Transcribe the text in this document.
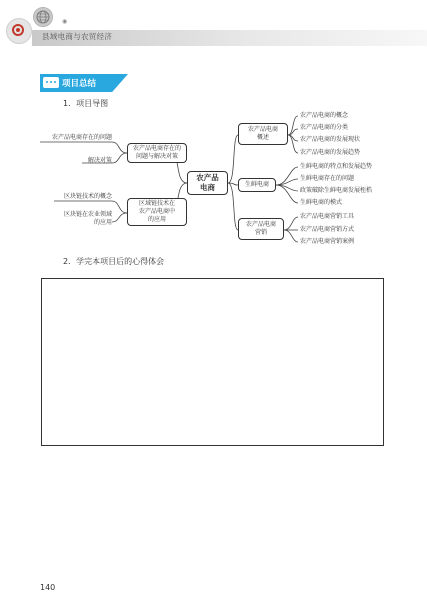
◉
县域电商与农贸经济
项目总结
1．项目导图
农产品
电商
农产品电商存在的
问题与解决对策
区域链技术在
农产品电商中
的应用
农产品电商存在的问题
解决对策
区块链技术的概念
区块链在农业领域
的应用
农产品电商
概述
生鲜电商
农产品电商
营销
农产品电商的概念
农产品电商的分类
农产品电商的发展现状
农产品电商的发展趋势
生鲜电商的特点和发展趋势
生鲜电商存在的问题
政策破除生鲜电商发展桎梏
生鲜电商的模式
农产品电商营销工具
农产品电商营销方式
农产品电商营销案例
2．学完本项目后的心得体会
140
